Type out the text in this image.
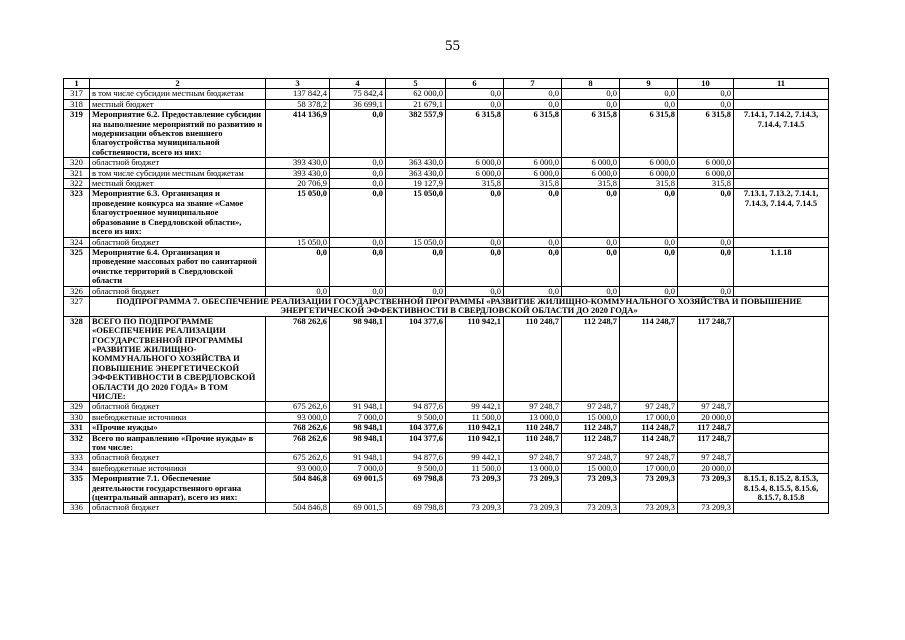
55
1	2	3	4	5	6	7	8	9	10	11
317	в том числе субсидии местным бюджетам	137 842,4	75 842,4	62 000,0	0,0	0,0	0,0	0,0	0,0	
318	местный бюджет	58 378,2	36 699,1	21 679,1	0,0	0,0	0,0	0,0	0,0	
319	Мероприятие 6.2. Предоставление субсидии на выполнение мероприятий по развитию и модернизации объектов внешнего благоустройства муниципальной собственности, всего из них:	414 136,9	0,0	382 557,9	6 315,8	6 315,8	6 315,8	6 315,8	6 315,8	7.14.1, 7.14.2, 7.14.3, 7.14.4, 7.14.5
320	областной бюджет	393 430,0	0,0	363 430,0	6 000,0	6 000,0	6 000,0	6 000,0	6 000,0	
321	в том числе субсидии местным бюджетам	393 430,0	0,0	363 430,0	6 000,0	6 000,0	6 000,0	6 000,0	6 000,0	
322	местный бюджет	20 706,9	0,0	19 127,9	315,8	315,8	315,8	315,8	315,8	
323	Мероприятие 6.3. Организация и проведение конкурса на звание «Самое благоустроенное муниципальное образование в Свердловской области», всего из них:	15 050,0	0,0	15 050,0	0,0	0,0	0,0	0,0	0,0	7.13.1, 7.13.2, 7.14.1, 7.14.3, 7.14.4, 7.14.5
324	областной бюджет	15 050,0	0,0	15 050,0	0,0	0,0	0,0	0,0	0,0	
325	Мероприятие 6.4. Организация и проведение массовых работ по санитарной очистке территорий в Свердловской области	0,0	0,0	0,0	0,0	0,0	0,0	0,0	0,0	1.1.18
326	областной бюджет	0,0	0,0	0,0	0,0	0,0	0,0	0,0	0,0	
327	ПОДПРОГРАММА 7. ОБЕСПЕЧЕНИЕ РЕАЛИЗАЦИИ ГОСУДАРСТВЕННОЙ ПРОГРАММЫ «РАЗВИТИЕ ЖИЛИЩНО-КОММУНАЛЬНОГО ХОЗЯЙСТВА И ПОВЫШЕНИЕ ЭНЕРГЕТИЧЕСКОЙ ЭФФЕКТИВНОСТИ В СВЕРДЛОВСКОЙ ОБЛАСТИ ДО 2020 ГОДА»									
328	ВСЕГО ПО ПОДПРОГРАММЕ «ОБЕСПЕЧЕНИЕ РЕАЛИЗАЦИИ ГОСУДАРСТВЕННОЙ ПРОГРАММЫ «РАЗВИТИЕ ЖИЛИЩНО-КОММУНАЛЬНОГО ХОЗЯЙСТВА И ПОВЫШЕНИЕ ЭНЕРГЕТИЧЕСКОЙ ЭФФЕКТИВНОСТИ В СВЕРДЛОВСКОЙ ОБЛАСТИ ДО 2020 ГОДА» В ТОМ ЧИСЛЕ:	768 262,6	98 948,1	104 377,6	110 942,1	110 248,7	112 248,7	114 248,7	117 248,7	
329	областной бюджет	675 262,6	91 948,1	94 877,6	99 442,1	97 248,7	97 248,7	97 248,7	97 248,7	
330	внебюджетные источники	93 000,0	7 000,0	9 500,0	11 500,0	13 000,0	15 000,0	17 000,0	20 000,0	
331	«Прочие нужды»	768 262,6	98 948,1	104 377,6	110 942,1	110 248,7	112 248,7	114 248,7	117 248,7	
332	Всего по направлению «Прочие нужды» в том числе:	768 262,6	98 948,1	104 377,6	110 942,1	110 248,7	112 248,7	114 248,7	117 248,7	
333	областной бюджет	675 262,6	91 948,1	94 877,6	99 442,1	97 248,7	97 248,7	97 248,7	97 248,7	
334	внебюджетные источники	93 000,0	7 000,0	9 500,0	11 500,0	13 000,0	15 000,0	17 000,0	20 000,0	
335	Мероприятие 7.1. Обеспечение деятельности государственного органа (центральный аппарат), всего из них:	504 846,8	69 001,5	69 798,8	73 209,3	73 209,3	73 209,3	73 209,3	73 209,3	8.15.1, 8.15.2, 8.15.3, 8.15.4, 8.15.5, 8.15.6, 8.15.7, 8.15.8
336	областной бюджет	504 846,8	69 001,5	69 798,8	73 209,3	73 209,3	73 209,3	73 209,3	73 209,3	
